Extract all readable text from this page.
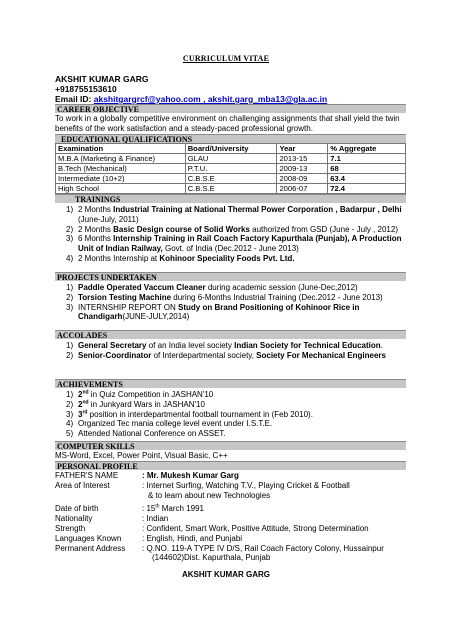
CURRICULUM VITAE
AKSHIT KUMAR GARG
+918755153610
Email ID: akshitgargrcf@yahoo.com , akshit.garg_mba13@gla.ac.in
CAREER OBJECTIVE
To work in a globally competitive environment on challenging assignments that shall yield the twin benefits of the work satisfaction and a steady-paced professional growth.
EDUCATIONAL QUALIFICATIONS
Examination	Board/University	Year	% Aggregate
M.B.A (Marketing & Finance)	GLAU	2013-15	7.1
B.Tech (Mechanical)	P.T.U.	2009-13	68
Intermediate (10+2)	C.B.S.E	2008-09	63.4
High School	C.B.S.E	2006-07	72.4
TRAININGS
1) 2 Months Industrial Training at National Thermal Power Corporation , Badarpur , Delhi (June-July, 2011)
2) 2 Months Basic Design course of Solid Works authorized from GSD (June - July , 2012)
3) 6 Months Internship Training in Rail Coach Factory Kapurthala (Punjab), A Production Unit of Indian Railway, Govt. of India (Dec.2012 - June 2013)
4) 2 Months Internship at Kohinoor Speciality Foods Pvt. Ltd.
PROJECTS UNDERTAKEN
1) Paddle Operated Vaccum Cleaner during academic session (June-Dec,2012)
2) Torsion Testing Machine during 6-Months Industrial Training (Dec.2012 - June 2013)
3) INTERNSHIP REPORT ON Study on Brand Positioning of Kohinoor Rice in Chandigarh(JUNE-JULY,2014)
ACCOLADES
1) General Secretary of an India level society Indian Society for Technical Education.
2) Senior-Coordinator of Interdepartmental society, Society For Mechanical Engineers
ACHIEVEMENTS
1) 2nd in Quiz Competition in JASHAN'10
2) 2nd in Junkyard Wars in JASHAN'10
3) 3rd position in interdepartmental football tournament in (Feb 2010).
4) Organized Tec mania college level event under I.S.T.E.
5) Attended National Conference on ASSET.
COMPUTER SKILLS
MS-Word, Excel, Power Point, Visual Basic, C++
PERSONAL PROFILE
FATHER'S NAME	: Mr. Mukesh Kumar Garg
Area of Interest	: Internet Surfing, Watching T.V., Playing Cricket & Football
& to learn about new Technologies
Date of birth	: 15th March 1991
Nationality	: Indian
Strength	: Confident, Smart Work, Positive Attitude, Strong Determination
Languages Known	: English, Hindi, and Punjabi
Permanent Address	: Q.NO. 119-A TYPE IV D/S, Rail Coach Factory Colony, Hussainpur
(144602)Dist. Kapurthala, Punjab
AKSHIT KUMAR GARG
